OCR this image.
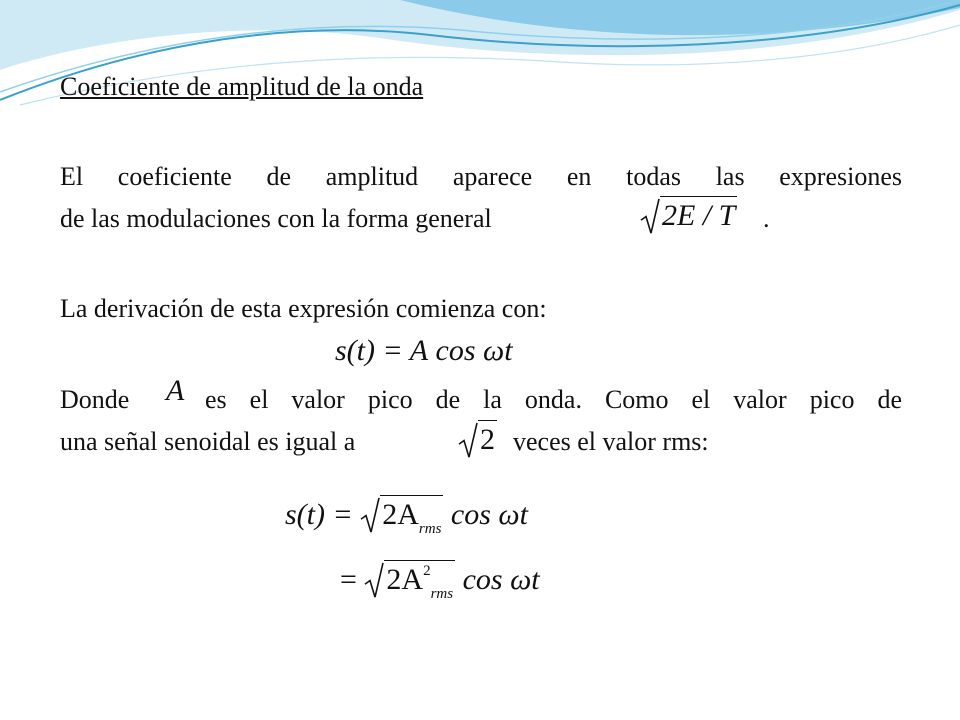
Coeficiente de amplitud de la onda

El coeficiente de amplitud aparece en todas las expresiones

de las modulaciones con la forma general	2E / T .

La derivación de esta expresión comienza con:

s(t) = A cos ωt

Donde A es el valor pico de la onda. Como el valor pico de

una señal senoidal es igual a	2 veces el valor rms:

s(t) =
$2A_{rms}$ cos ωt
=
$2A^2_{rms}$ cos ωt
